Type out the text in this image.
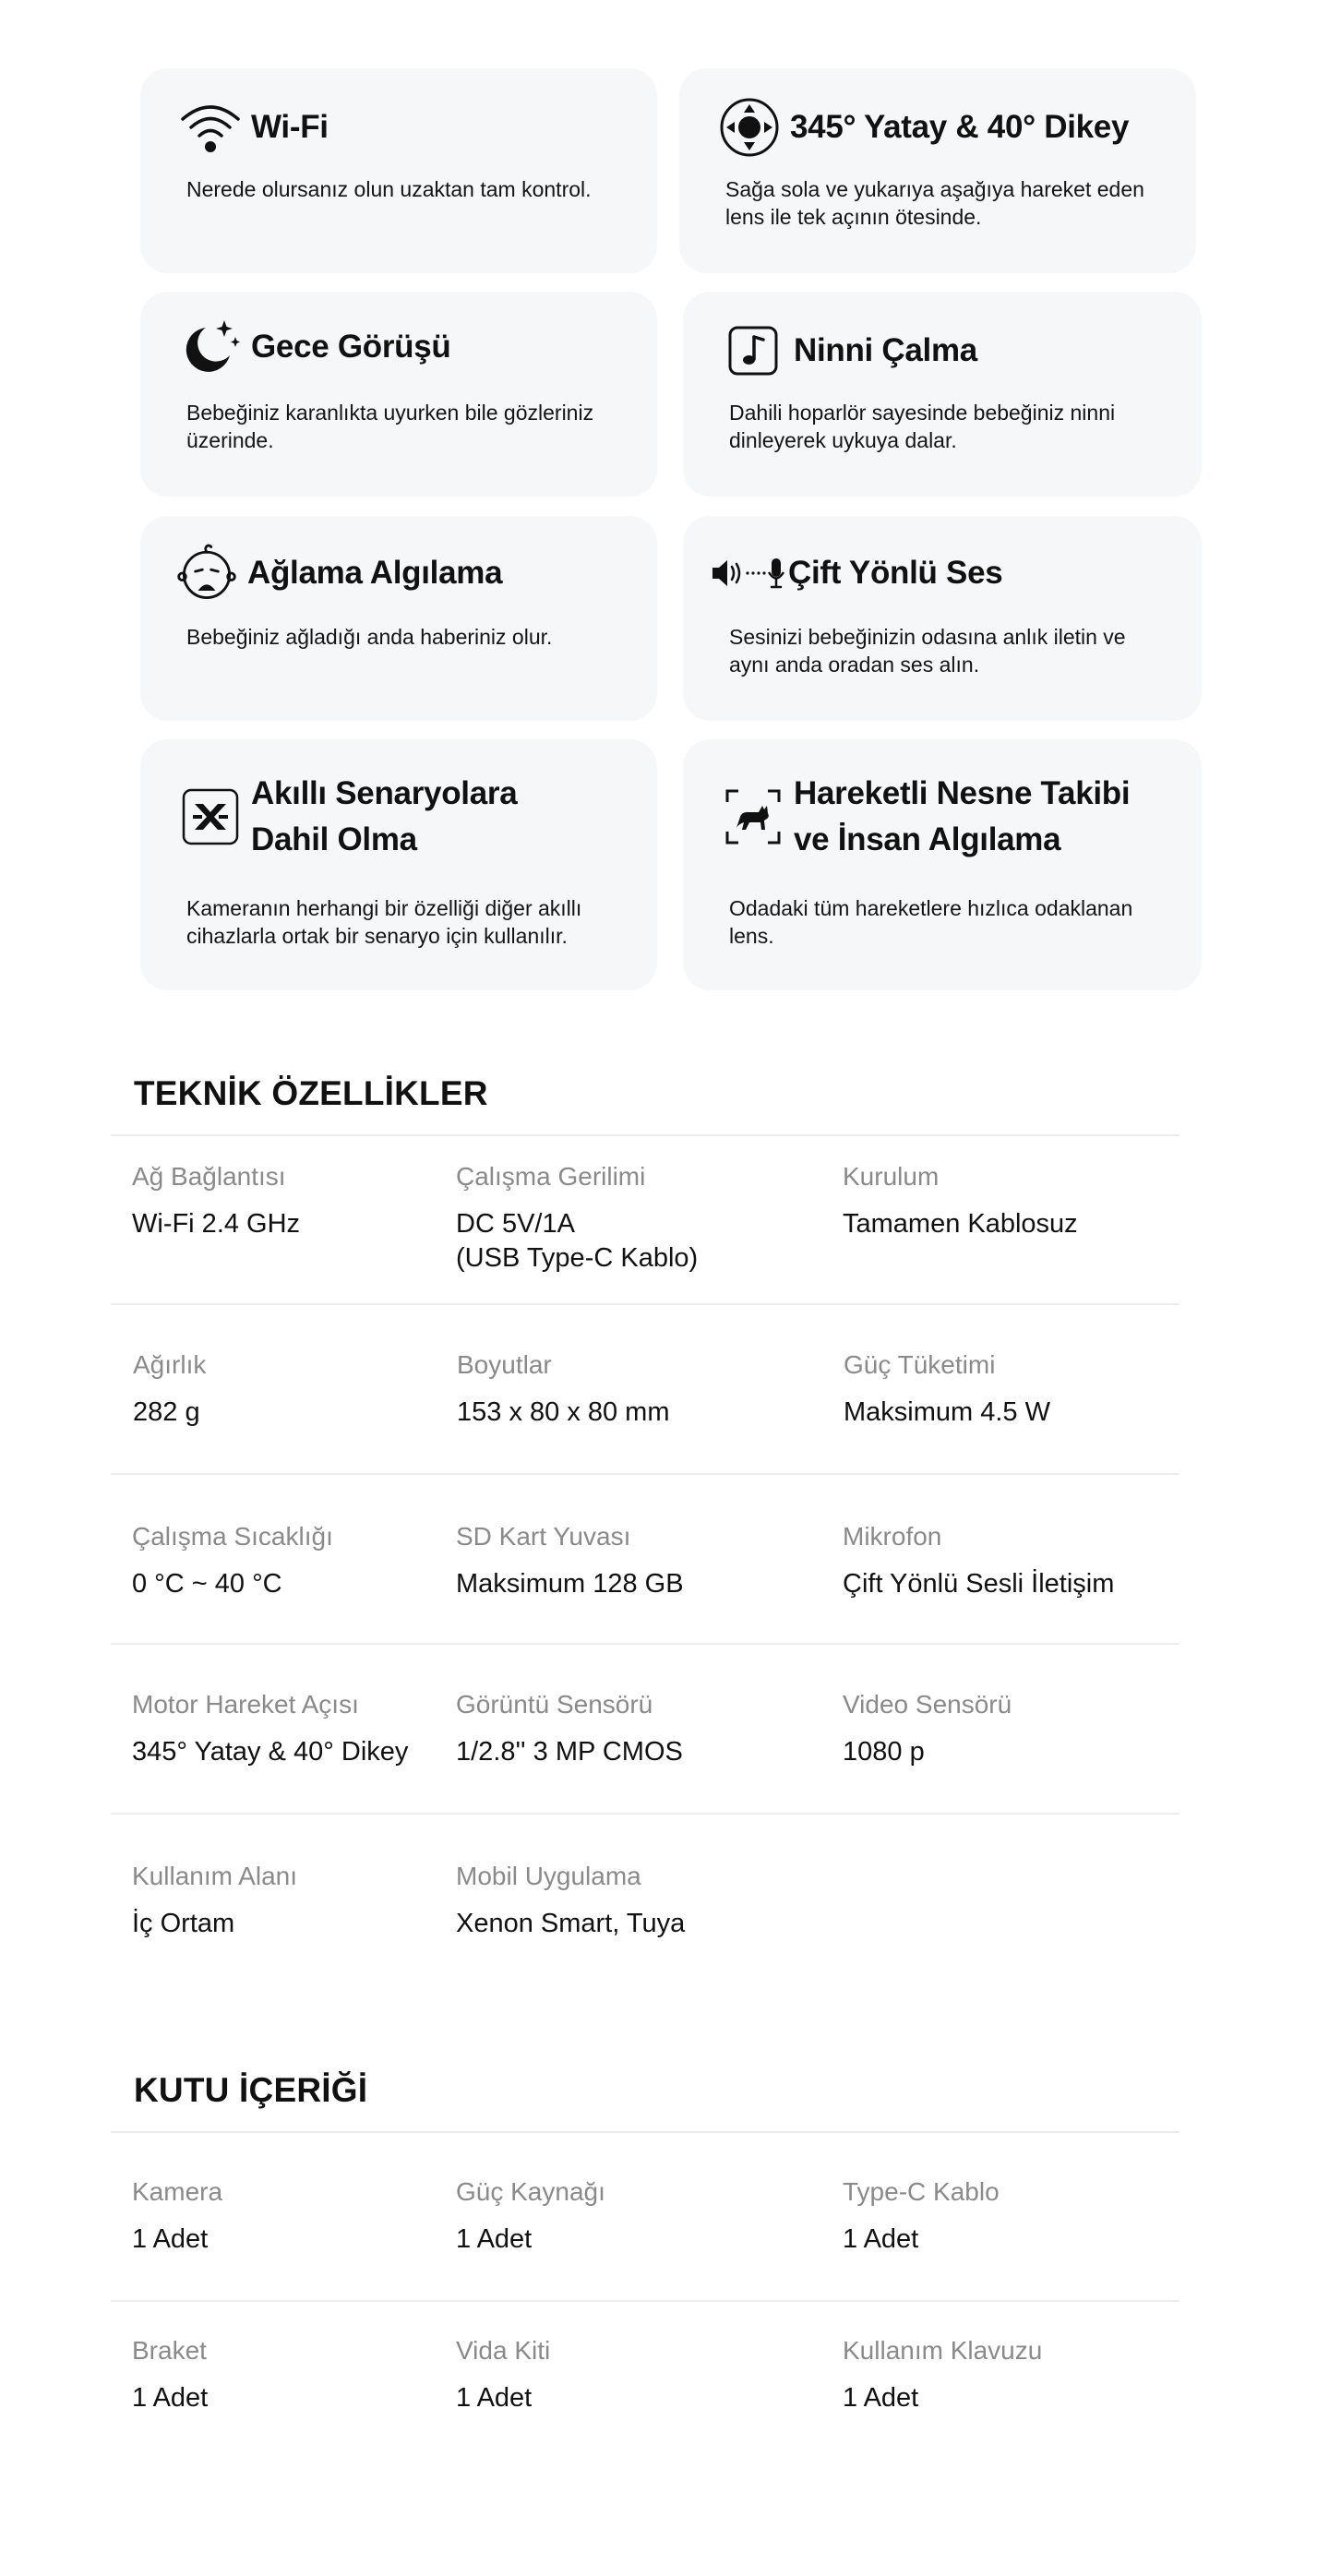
Wi-Fi
Nerede olursanız olun uzaktan tam kontrol.
345° Yatay & 40° Dikey
Sağa sola ve yukarıya aşağıya hareket eden lens ile tek açının ötesinde.
Gece Görüşü
Bebeğiniz karanlıkta uyurken bile gözleriniz üzerinde.
Ninni Çalma
Dahili hoparlör sayesinde bebeğiniz ninni dinleyerek uykuya dalar.
Ağlama Algılama
Bebeğiniz ağladığı anda haberiniz olur.
Çift Yönlü Ses
Sesinizi bebeğinizin odasına anlık iletin ve aynı anda oradan ses alın.
Akıllı Senaryolara
Dahil Olma
Kameranın herhangi bir özelliği diğer akıllı cihazlarla ortak bir senaryo için kullanılır.
Hareketli Nesne Takibi
ve İnsan Algılama
Odadaki tüm hareketlere hızlıca odaklanan lens.
TEKNİK ÖZELLİKLER
Ağ Bağlantısı
Wi-Fi 2.4 GHz
Çalışma Gerilimi
DC 5V/1A
(USB Type-C Kablo)
Kurulum
Tamamen Kablosuz
Ağırlık
282 g
Boyutlar
153 x 80 x 80 mm
Güç Tüketimi
Maksimum 4.5 W
Çalışma Sıcaklığı
0 °C ~ 40 °C
SD Kart Yuvası
Maksimum 128 GB
Mikrofon
Çift Yönlü Sesli İletişim
Motor Hareket Açısı
345° Yatay & 40° Dikey
Görüntü Sensörü
1/2.8'' 3 MP CMOS
Video Sensörü
1080 p
Kullanım Alanı
İç Ortam
Mobil Uygulama
Xenon Smart, Tuya
KUTU İÇERİĞİ
Kamera
1 Adet
Güç Kaynağı
1 Adet
Type-C Kablo
1 Adet
Braket
1 Adet
Vida Kiti
1 Adet
Kullanım Klavuzu
1 Adet
